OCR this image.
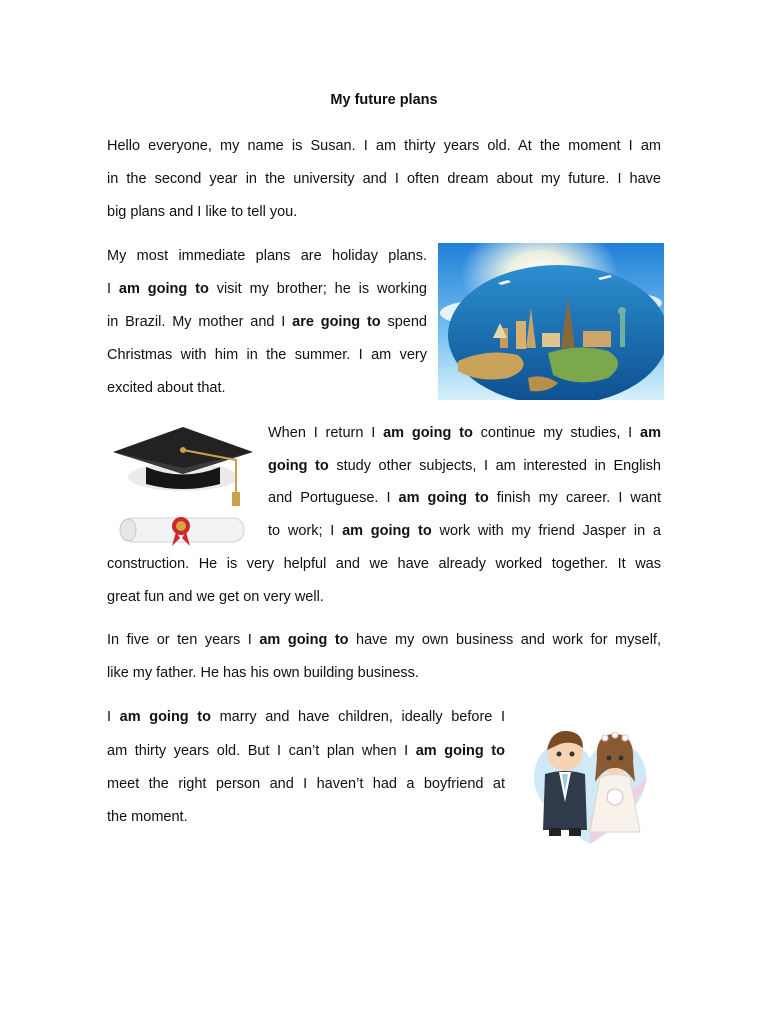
My future plans
Hello everyone, my name is Susan. I am thirty years old. At the moment I am
in the second year in the university and I often dream about my future. I have
big plans and I like to tell you.
My most immediate plans are holiday plans.
I am going to visit my brother; he is working
in Brazil. My mother and I are going to spend
Christmas with him in the summer. I am very
excited about that.
When I return I am going to continue my studies, I am
going to study other subjects, I am interested in English
and Portuguese. I am going to finish my career. I want
to work; I am going to work with my friend Jasper in a
construction. He is very helpful and we have already worked together. It was
great fun and we get on very well.
In five or ten years I am going to have my own business and work for myself,
like my father. He has his own building business.
I am going to marry and have children, ideally before I
am thirty years old. But I can’t plan when I am going to
meet the right person and I haven’t had a boyfriend at
the moment.
